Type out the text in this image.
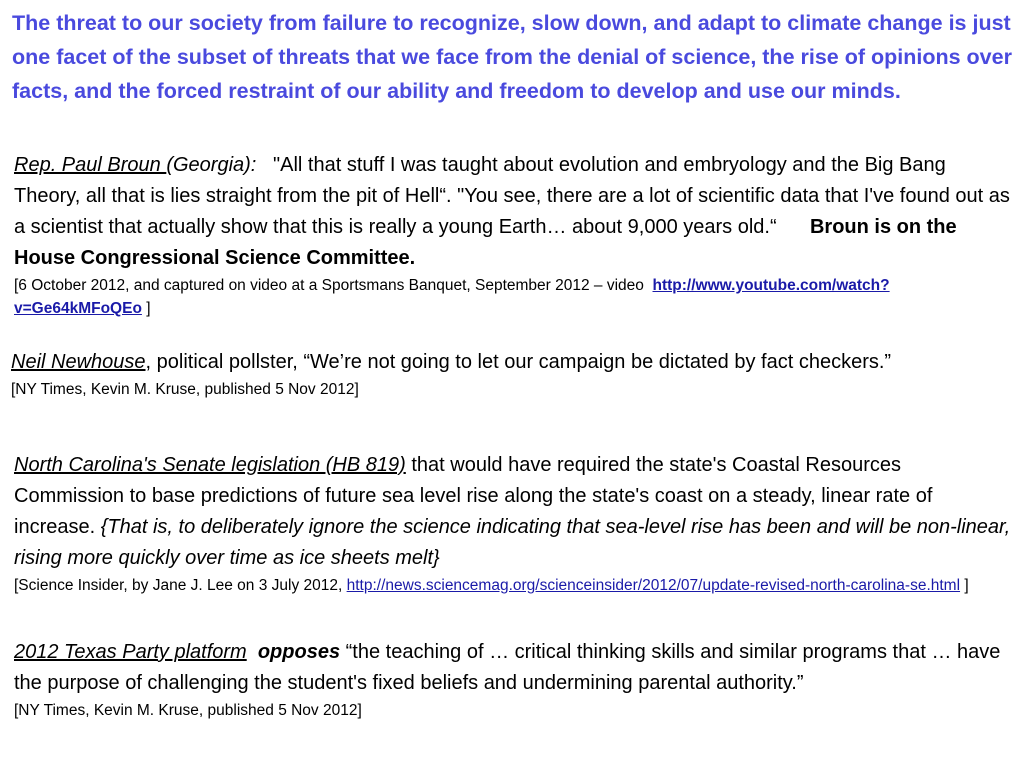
The threat to our society from failure to recognize, slow down, and adapt to climate change is just one facet of the subset of threats that we face from the denial of science, the rise of opinions over facts, and the forced restraint of our ability and freedom to develop and use our minds.

Rep. Paul Broun (Georgia): "All that stuff I was taught about evolution and embryology and the Big Bang Theory, all that is lies straight from the pit of Hell“. "You see, there are a lot of scientific data that I've found out as a scientist that actually show that this is really a young Earth… about 9,000 years old.“ Broun is on the House Congressional Science Committee.

[6 October 2012, and captured on video at a Sportsmans Banquet, September 2012 – video  http://www.youtube.com/watch?v=Ge64kMFoQEo ]

Neil Newhouse, political pollster, “We’re not going to let our campaign be dictated by fact checkers.”

[NY Times, Kevin M. Kruse, published 5 Nov 2012]

North Carolina's Senate legislation (HB 819) that would have required the state's Coastal Resources Commission to base predictions of future sea level rise along the state's coast on a steady, linear rate of increase. {That is, to deliberately ignore the science indicating that sea-level rise has been and will be non-linear, rising more quickly over time as ice sheets melt}

[Science Insider, by Jane J. Lee on 3 July 2012, http://news.sciencemag.org/scienceinsider/2012/07/update-revised-north-carolina-se.html ]

2012 Texas Party platform opposes “the teaching of … critical thinking skills and similar programs that … have the purpose of challenging the student's fixed beliefs and undermining parental authority.”

[NY Times, Kevin M. Kruse, published 5 Nov 2012]
